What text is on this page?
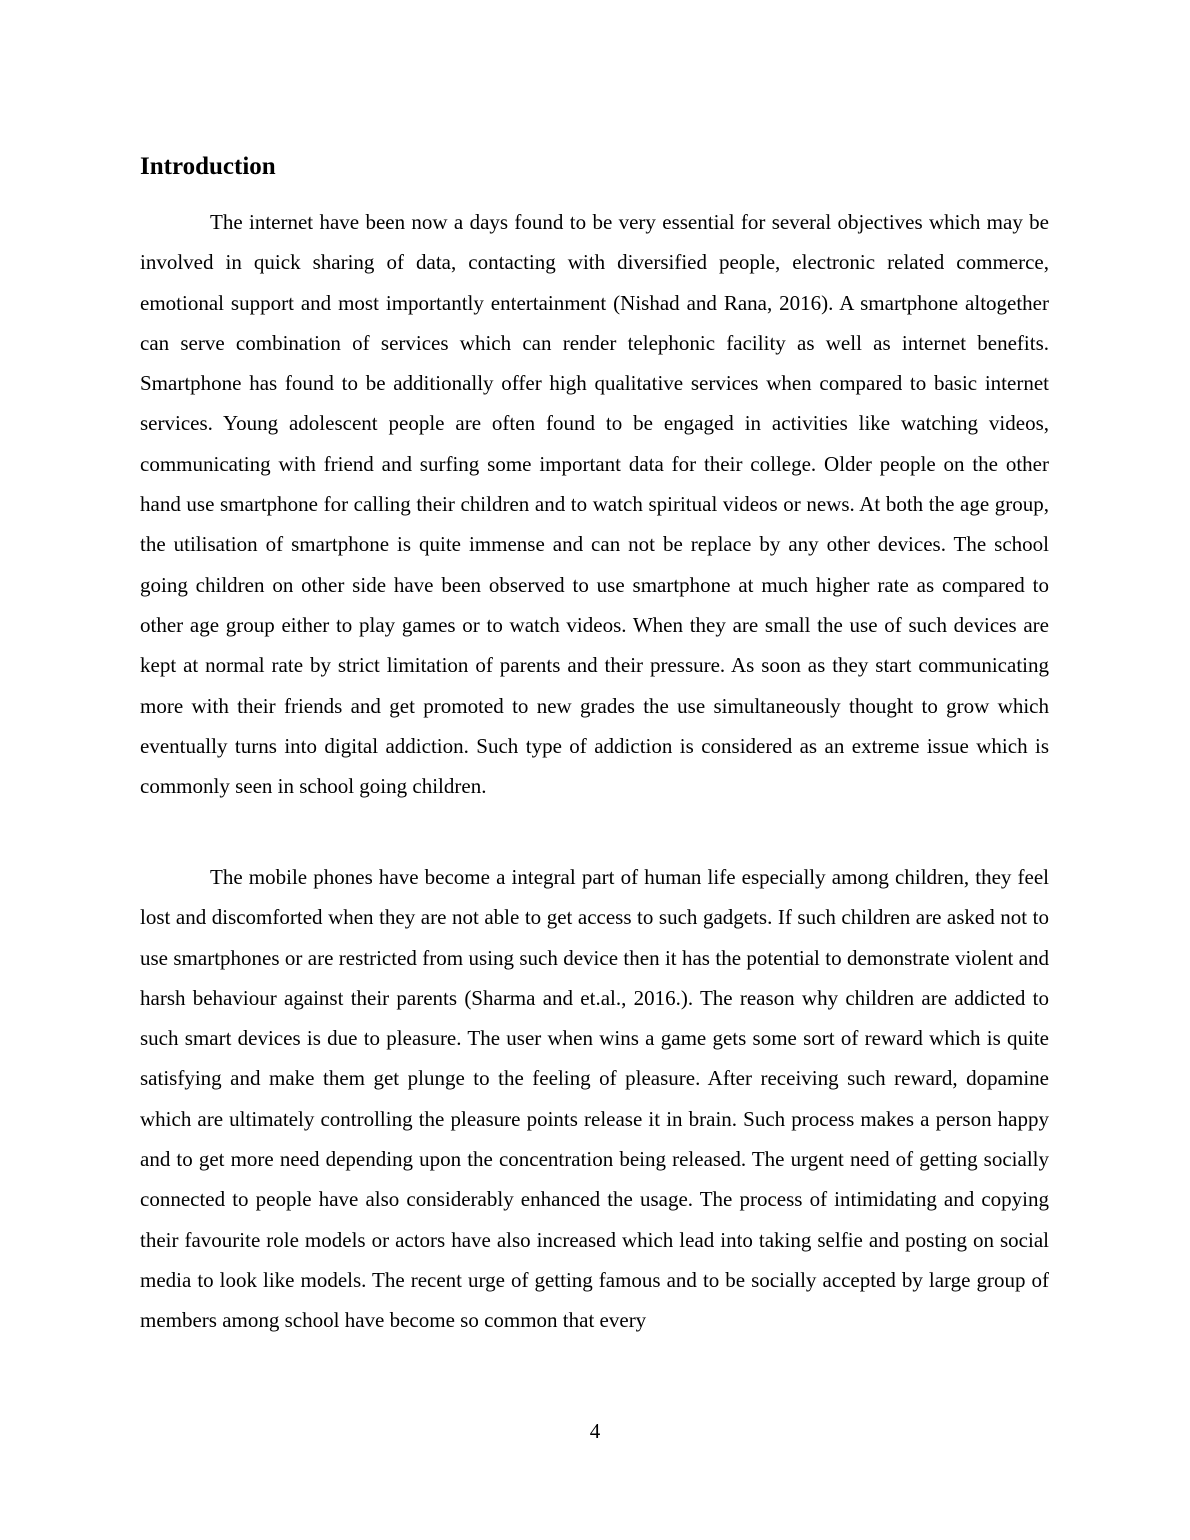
Introduction

The internet have been now a days found to be very essential for several objectives which may be involved in quick sharing of data, contacting with diversified people, electronic related commerce, emotional support and most importantly entertainment (Nishad and Rana, 2016). A smartphone altogether can serve combination of services which can render telephonic facility as well as internet benefits. Smartphone has found to be additionally offer high qualitative services when compared to basic internet services. Young adolescent people are often found to be engaged in activities like watching videos, communicating with friend and surfing some important data for their college. Older people on the other hand use smartphone for calling their children and to watch spiritual videos or news. At both the age group, the utilisation of smartphone is quite immense and can not be replace by any other devices. The school going children on other side have been observed to use smartphone at much higher rate as compared to other age group either to play games or to watch videos. When they are small the use of such devices are kept at normal rate by strict limitation of parents and their pressure. As soon as they start communicating more with their friends and get promoted to new grades the use simultaneously thought to grow which eventually turns into digital addiction. Such type of addiction is considered as an extreme issue which is commonly seen in school going children.

The mobile phones have become a integral part of human life especially among children, they feel lost and discomforted when they are not able to get access to such gadgets. If such children are asked not to use smartphones or are restricted from using such device then it has the potential to demonstrate violent and harsh behaviour against their parents (Sharma and et.al., 2016.). The reason why children are addicted to such smart devices is due to pleasure. The user when wins a game gets some sort of reward which is quite satisfying and make them get plunge to the feeling of pleasure. After receiving such reward, dopamine which are ultimately controlling the pleasure points release it in brain. Such process makes a person happy and to get more need depending upon the concentration being released. The urgent need of getting socially connected to people have also considerably enhanced the usage. The process of intimidating and copying their favourite role models or actors have also increased which lead into taking selfie and posting on social media to look like models. The recent urge of getting famous and to be socially accepted by large group of members among school have become so common that every

4
